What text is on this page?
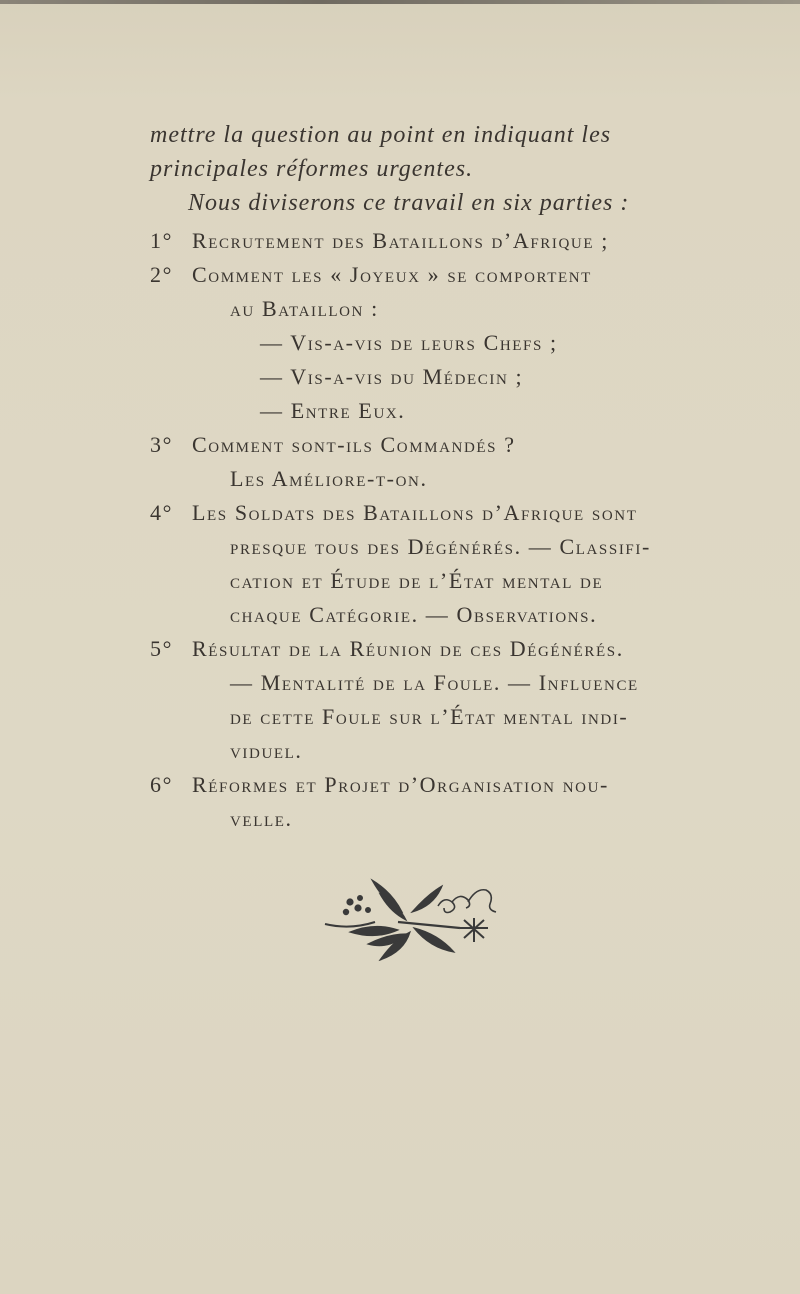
mettre la question au point en indiquant les

principales réformes urgentes.

Nous diviserons ce travail en six parties :

1° Recrutement des Bataillons d’Afrique ;
2° Comment les « Joyeux » se comportent
au Bataillon :
— Vis-a-vis de leurs Chefs ;
— Vis-a-vis du Médecin ;
— Entre Eux.
3° Comment sont-ils Commandés ?
Les Améliore-t-on.
4° Les Soldats des Bataillons d’Afrique sont
presque tous des Dégénérés. — Classifi-
cation et Étude de l’État mental de
chaque Catégorie. — Observations.
5° Résultat de la Réunion de ces Dégénérés.
— Mentalité de la Foule. — Influence
de cette Foule sur l’État mental indi-
viduel.
6° Réformes et Projet d’Organisation nou-
velle.
